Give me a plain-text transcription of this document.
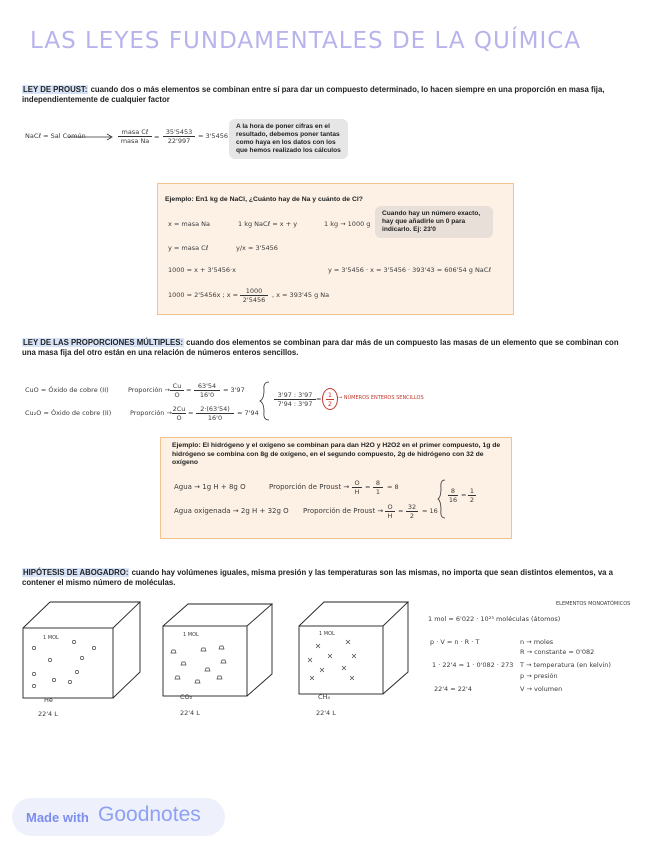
LAS LEYES FUNDAMENTALES DE LA QUÍMICA
LEY DE PROUST: cuando dos o más elementos se combinan entre sí para dar un compuesto determinado, lo hacen siempre en una proporción en masa fija, independientemente de cualquier factor
NaCℓ = Sal Común	masa Cℓ
masa Na =
35'5453
22'997
= 3'5456
A la hora de poner cifras en el resultado, debemos poner tantas como haya en los datos con los que hemos realizado los cálculos
Ejemplo: En1 kg de NaCl, ¿Cuánto hay de Na y cuánto de Cl?
x = masa Na	1 kg NaCℓ = x + y	1 kg → 1000 g
Cuando hay un número exacto, hay que añadirle un 0 para indicarlo. Ej: 23'0
y = masa Cℓ	y/x = 3'5456
1000 = x + 3'5456·x	y = 3'5456 · x = 3'5456 · 393'43 = 606'54 g NaCℓ
1000 = 2'5456x ; x =	1000
2'5456
, x = 393'45 g Na
LEY DE LAS PROPORCIONES MÚLTIPLES: cuando dos elementos se combinan para dar más de un compuesto las masas de un elemento que se combinan con una masa fija del otro están en una relación de números enteros sencillos.
CuO = Óxido de cobre (II)	Proporción → Cu
O
= 63'54
16'0
= 3'97
Cu₂O = Óxido de cobre (II)	Proporción → 2Cu
O
=	2·(63'54)
16'0
= 7'94
3'97 : 3'97
7'94 : 3'97
= 1
2
→ NÚMEROS ENTEROS SENCILLOS
Ejemplo: El hidrógeno y el oxígeno se combinan para dan H2O y H2O2 en el primer compuesto, 1g de hidrógeno se combina con 8g de oxígeno, en el segundo compuesto, 2g de hidrógeno con 32 de oxígeno
Agua → 1g H + 8g O	Proporción de Proust → O
H
= 8
1
= 8
Agua oxigenada → 2g H + 32g O Proporción de Proust → O
H
= 32
2
= 16
8
16
= 1
2
HIPÓTESIS DE ABOGADRO: cuando hay volúmenes iguales, misma presión y las temperaturas son las mismas, no importa que sean distintos elementos, va a contener el mismo número de moléculas.
1 MOL
He
22'4 L
1 MOL
CO₂
22'4 L
1 MOL
CH₄
22'4 L
ELEMENTOS MONOATÓMICOS
1 mol = 6'022 · 10²³ moléculas (átomos)
p · V = n · R · T	n → moles
R → constante = 0'082
1 · 22'4 = 1 · 0'082 · 273 T → temperatura (en kelvin)
p → presión
22'4 = 22'4	V → volumen
Made with Goodnotes
